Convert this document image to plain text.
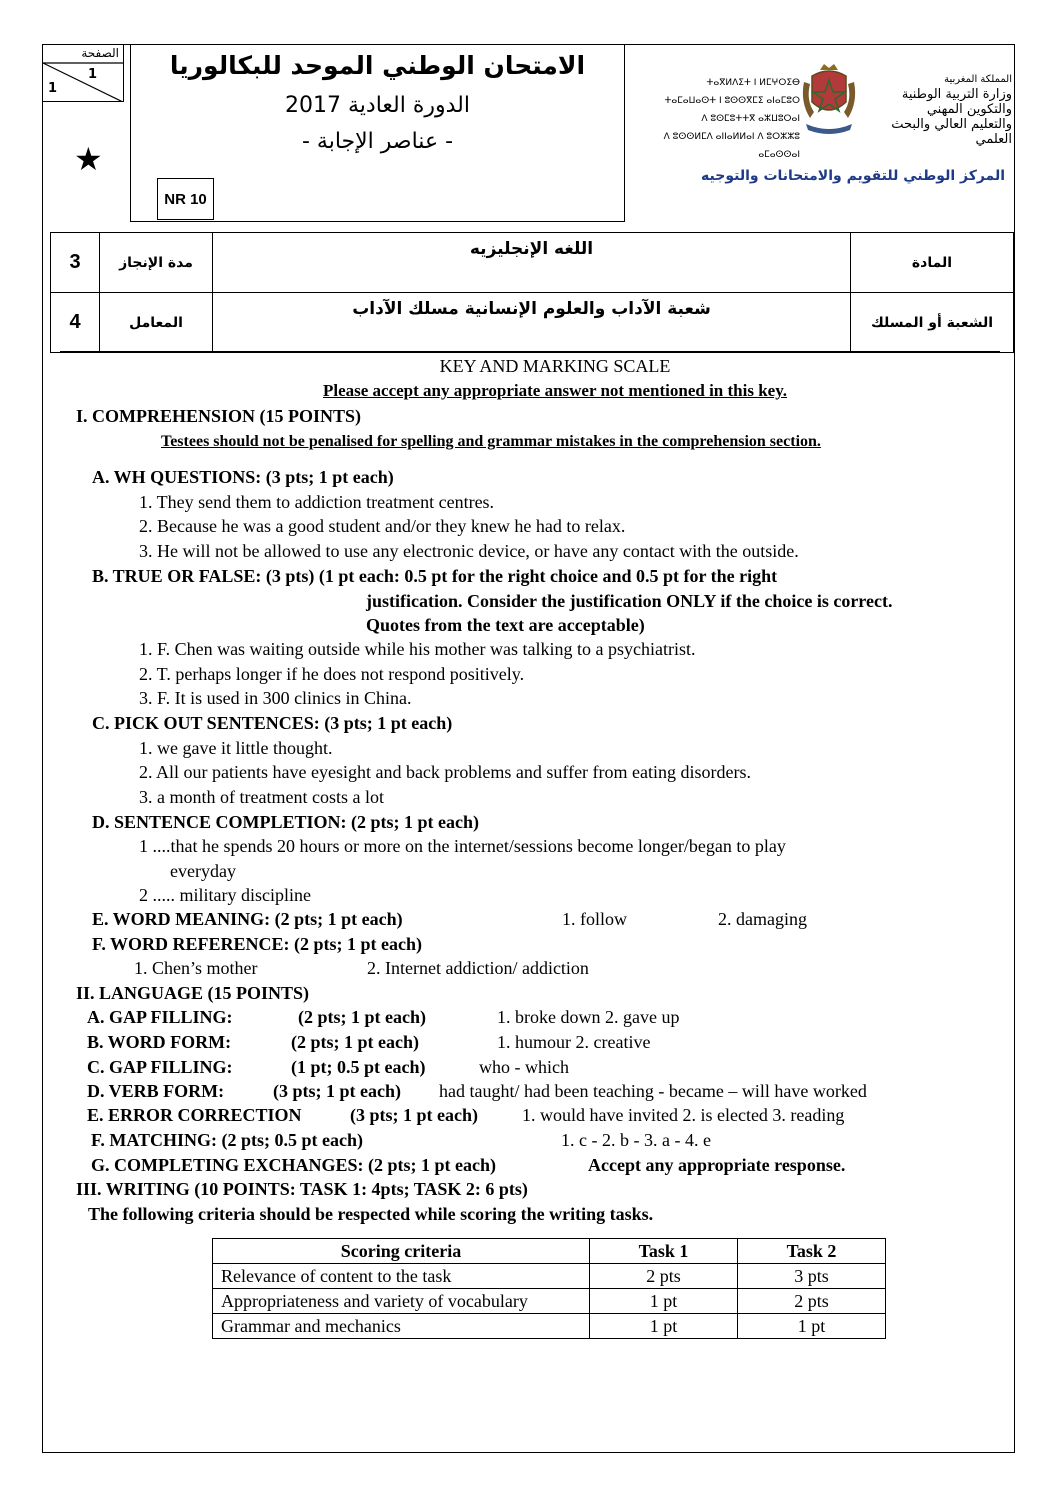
الصفحة
1
1
★
الامتحان الوطني الموحد للبكالوريا
الدورة العادية 2017
- عناصر الإجابة -
NR 10
ⵜⴰⴳⵍⴷⵉⵜ ⵏ ⵍⵎⵖⵔⵉⴱ
ⵜⴰⵎⴰⵡⴰⵙⵜ ⵏ ⵓⵙⵙⴳⵎⵉ ⴰⵏⴰⵎⵓⵔ
ⴷ ⵓⵙⵎⵓⵜⵜⴳ ⴰⵣⵡⵓⵔⴰⵏ
ⴷ ⵓⵙⵙⵍⵎⴷ ⴰⵏⵏⴰⵍⵍⴰⵏ ⴷ ⵓⵔⵣⵣⵓ ⴰⵎⴰⵙⵙⴰⵏ
المملكة المغربية
وزارة التربية الوطنية
والتكوين المهني
والتعليم العالي والبحث العلمي
المركز الوطني للتقويم والامتحانات والتوجيه
3	مدة الإنجاز	اللغه الإنجليزيه	المادة
4	المعامل	شعبة الآداب والعلوم الإنسانية مسلك الآداب	الشعبة أو المسلك
KEY AND MARKING SCALE
Please accept any appropriate answer not mentioned in this key.
I. COMPREHENSION (15 POINTS)
Testees should not be penalised for spelling and grammar mistakes in the comprehension section.
A. WH QUESTIONS: (3 pts; 1 pt each)
1. They send them to addiction treatment centres.
2. Because he was a good student and/or they knew he had to relax.
3. He will not be allowed to use any electronic device, or have any contact with the outside.
B. TRUE OR FALSE: (3 pts) (1 pt each: 0.5 pt for the right choice and 0.5 pt for the right
justification. Consider the justification ONLY if the choice is correct.
Quotes from the text are acceptable)
1. F. Chen was waiting outside while his mother was talking to a psychiatrist.
2. T. perhaps longer if he does not respond positively.
3. F. It is used in 300 clinics in China.
C. PICK OUT SENTENCES: (3 pts; 1 pt each)
1. we gave it little thought.
2. All our patients have eyesight and back problems and suffer from eating disorders.
3. a month of treatment costs a lot
D. SENTENCE COMPLETION: (2 pts; 1 pt each)
1 ....that he spends 20 hours or more on the internet/sessions become longer/began to play
everyday
2 ..... military discipline
E. WORD MEANING: (2 pts; 1 pt each)	1. follow	2. damaging
F. WORD REFERENCE: (2 pts; 1 pt each)
1. Chen’s mother	2. Internet addiction/ addiction
II. LANGUAGE (15 POINTS)
A. GAP FILLING:	(2 pts; 1 pt each)	1. broke down 2. gave up
B. WORD FORM:	(2 pts; 1 pt each)	1. humour 2. creative
C. GAP FILLING:	(1 pt; 0.5 pt each)	who - which
D. VERB FORM:	(3 pts; 1 pt each) had taught/ had been teaching - became – will have worked
E. ERROR CORRECTION	(3 pts; 1 pt each) 1. would have invited 2. is elected 3. reading
F. MATCHING: (2 pts; 0.5 pt each)	1. c - 2. b - 3. a - 4. e
G. COMPLETING EXCHANGES: (2 pts; 1 pt each)	Accept any appropriate response.
III. WRITING (10 POINTS: TASK 1: 4pts; TASK 2: 6 pts)
The following criteria should be respected while scoring the writing tasks.
Scoring criteria	Task 1	Task 2
Relevance of content to the task	2 pts	3 pts
Appropriateness and variety of vocabulary	1 pt	2 pts
Grammar and mechanics	1 pt	1 pt
